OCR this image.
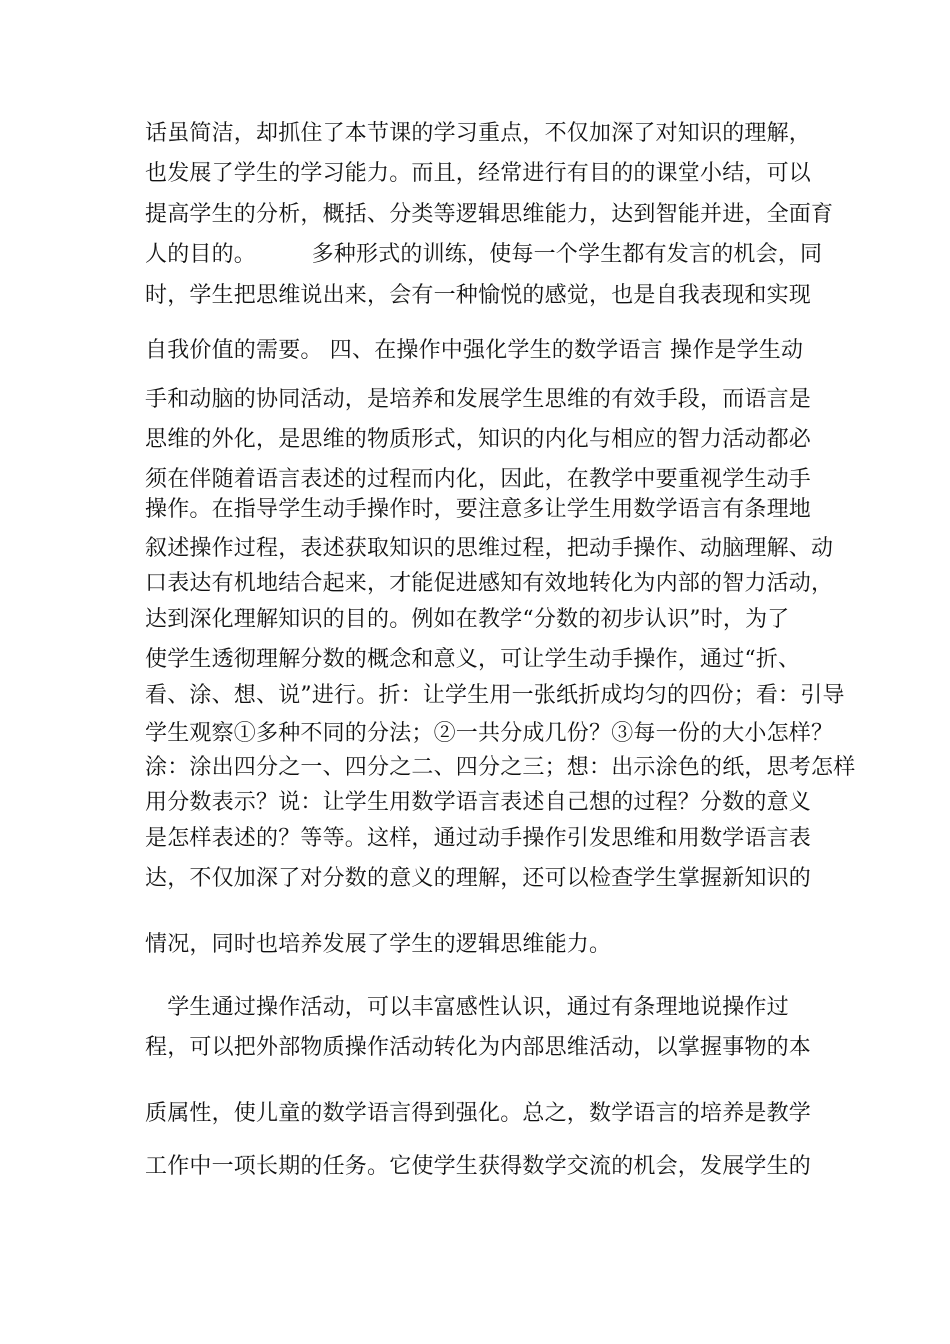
话虽简洁，却抓住了本节课的学习重点，不仅加深了对知识的理解，
也发展了学生的学习能力。而且，经常进行有目的的课堂小结，可以
提高学生的分析，概括、分类等逻辑思维能力，达到智能并进，全面育
人的目的。　　　多种形式的训练，使每一个学生都有发言的机会，同
时，学生把思维说出来，会有一种愉悦的感觉，也是自我表现和实现
自我价值的需要。 四、在操作中强化学生的数学语言 操作是学生动
手和动脑的协同活动，是培养和发展学生思维的有效手段，而语言是
思维的外化，是思维的物质形式，知识的内化与相应的智力活动都必
须在伴随着语言表述的过程而内化，因此，在教学中要重视学生动手
操作。在指导学生动手操作时，要注意多让学生用数学语言有条理地
叙述操作过程，表述获取知识的思维过程，把动手操作、动脑理解、动
口表达有机地结合起来，才能促进感知有效地转化为内部的智力活动，
达到深化理解知识的目的。例如在教学“分数的初步认识”时，为了
使学生透彻理解分数的概念和意义，可让学生动手操作，通过“折、
看、涂、想、说”进行。折：让学生用一张纸折成均匀的四份；看：引导
学生观察①多种不同的分法；②一共分成几份？③每一份的大小怎样？
涂：涂出四分之一、四分之二、四分之三；想：出示涂色的纸，思考怎样
用分数表示？说：让学生用数学语言表述自己想的过程？分数的意义
是怎样表述的？等等。这样，通过动手操作引发思维和用数学语言表
达，不仅加深了对分数的意义的理解，还可以检查学生掌握新知识的
情况，同时也培养发展了学生的逻辑思维能力。
　学生通过操作活动，可以丰富感性认识，通过有条理地说操作过
程，可以把外部物质操作活动转化为内部思维活动，以掌握事物的本
质属性，使儿童的数学语言得到强化。总之，数学语言的培养是教学
工作中一项长期的任务。它使学生获得数学交流的机会，发展学生的
